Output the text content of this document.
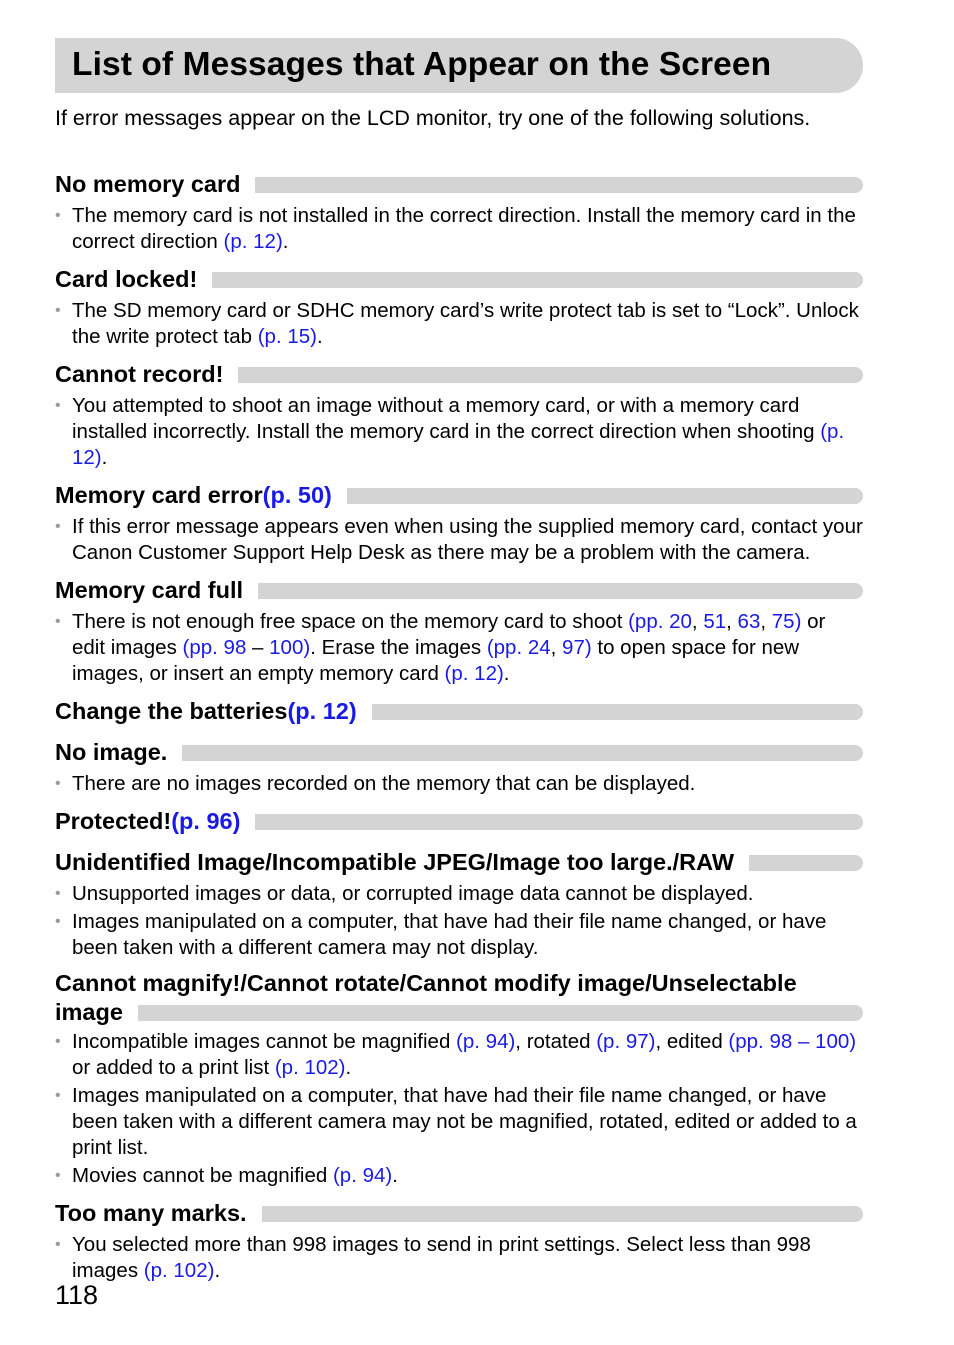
List of Messages that Appear on the Screen
If error messages appear on the LCD monitor, try one of the following solutions.
No memory card
• The memory card is not installed in the correct direction. Install the memory card in the correct direction (p. 12).
Card locked!
• The SD memory card or SDHC memory card’s write protect tab is set to “Lock”. Unlock the write protect tab (p. 15).
Cannot record!
• You attempted to shoot an image without a memory card, or with a memory card installed incorrectly. Install the memory card in the correct direction when shooting (p. 12).
Memory card error (p. 50)
• If this error message appears even when using the supplied memory card, contact your Canon Customer Support Help Desk as there may be a problem with the camera.
Memory card full
• There is not enough free space on the memory card to shoot (pp. 20, 51, 63, 75) or edit images (pp. 98 – 100). Erase the images (pp. 24, 97) to open space for new images, or insert an empty memory card (p. 12).
Change the batteries (p. 12)
No image.
• There are no images recorded on the memory that can be displayed.
Protected! (p. 96)
Unidentified Image/Incompatible JPEG/Image too large./RAW
• Unsupported images or data, or corrupted image data cannot be displayed.
• Images manipulated on a computer, that have had their file name changed, or have been taken with a different camera may not display.
Cannot magnify!/Cannot rotate/Cannot modify image/Unselectable
image
• Incompatible images cannot be magnified (p. 94), rotated (p. 97), edited (pp. 98 – 100) or added to a print list (p. 102).
• Images manipulated on a computer, that have had their file name changed, or have been taken with a different camera may not be magnified, rotated, edited or added to a print list.
• Movies cannot be magnified (p. 94).
Too many marks.
• You selected more than 998 images to send in print settings. Select less than 998 images (p. 102).
118
